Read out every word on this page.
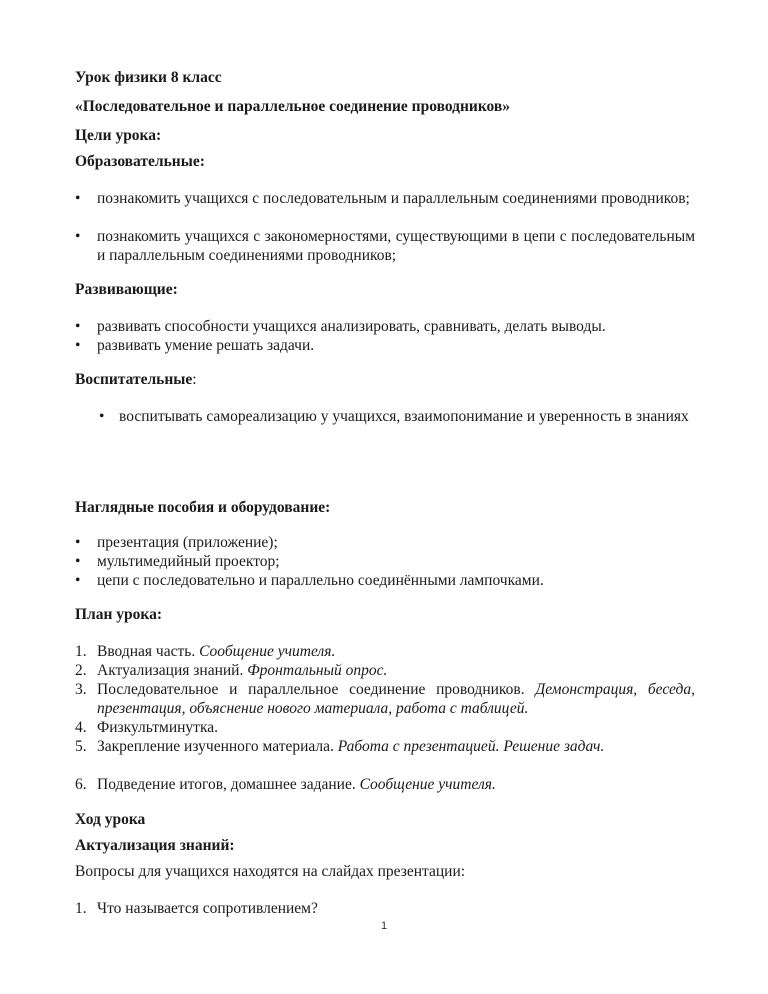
Урок физики 8 класс
«Последовательное и параллельное соединение проводников»
Цели урока:
Образовательные:
•	познакомить учащихся с последовательным и параллельным соединениями проводников;
•	познакомить учащихся с закономерностями, существующими в цепи с последовательным и параллельным соединениями проводников;
Развивающие:
•	развивать способности учащихся анализировать, сравнивать, делать выводы.
•	развивать умение решать задачи.
Воспитательные:
• воспитывать самореализацию у учащихся, взаимопонимание и уверенность в знаниях
Наглядные пособия и оборудование:
•	презентация (приложение);
•	мультимедийный проектор;
•	цепи с последовательно и параллельно соединёнными лампочками.
План урока:
1. Вводная часть. Сообщение учителя.
2. Актуализация знаний. Фронтальный опрос.
3. Последовательное и параллельное соединение проводников. Демонстрация, беседа, презентация, объяснение нового материала, работа с таблицей.
4. Физкультминутка.
5. Закрепление изученного материала. Работа с презентацией. Решение задач.
6. Подведение итогов, домашнее задание. Сообщение учителя.
Ход урока
Актуализация знаний:
Вопросы для учащихся находятся на слайдах презентации:
1. Что называется сопротивлением?
1
